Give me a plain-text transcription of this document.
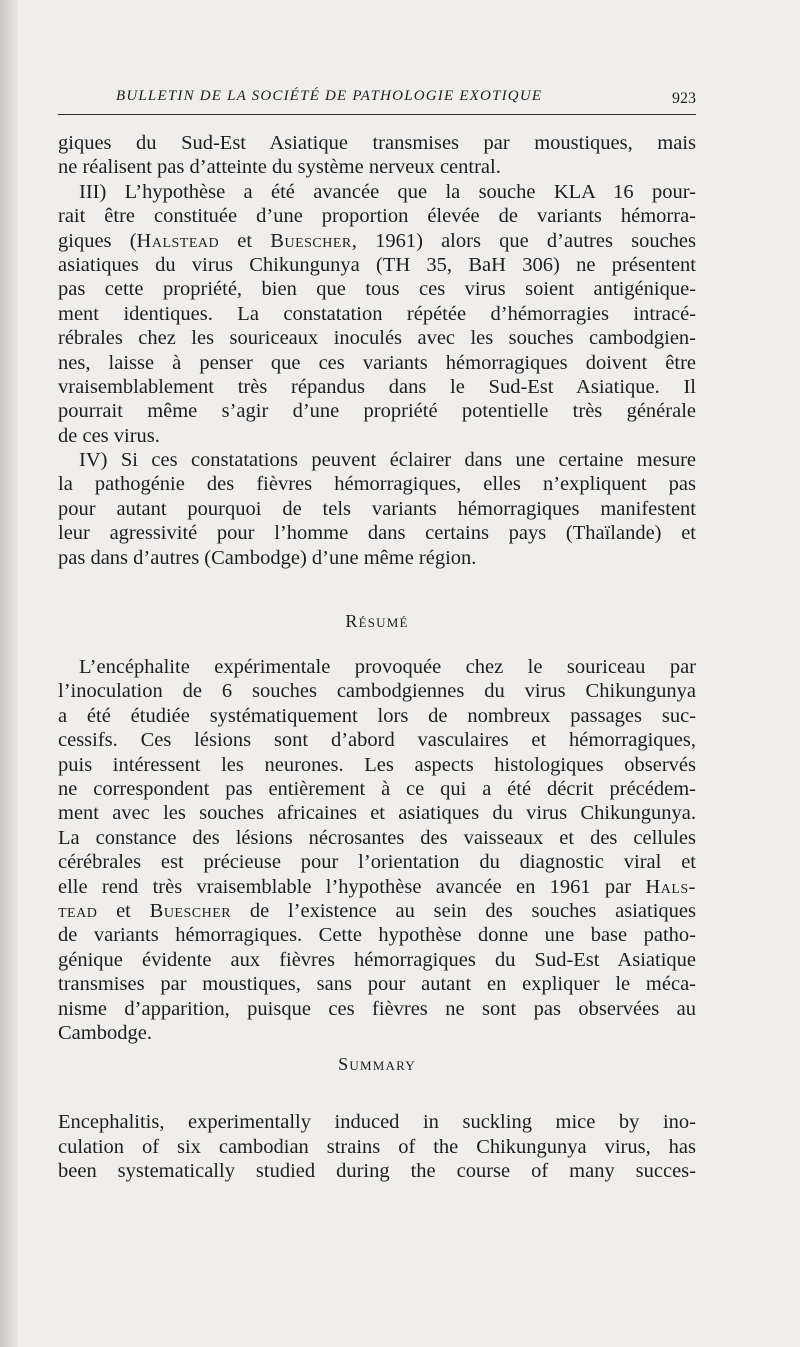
BULLETIN DE LA SOCIÉTÉ DE PATHOLOGIE EXOTIQUE	923
giques du Sud-Est Asiatique transmises par moustiques, mais
ne réalisent pas d’atteinte du système nerveux central.
III) L’hypothèse a été avancée que la souche KLA 16 pour-
rait être constituée d’une proportion élevée de variants hémorra-
giques (Halstead et Buescher, 1961) alors que d’autres souches
asiatiques du virus Chikungunya (TH 35, BaH 306) ne présentent
pas cette propriété, bien que tous ces virus soient antigénique-
ment identiques. La constatation répétée d’hémorragies intracé-
rébrales chez les souriceaux inoculés avec les souches cambodgien-
nes, laisse à penser que ces variants hémorragiques doivent être
vraisemblablement très répandus dans le Sud-Est Asiatique. Il
pourrait même s’agir d’une propriété potentielle très générale
de ces virus.
IV) Si ces constatations peuvent éclairer dans une certaine mesure
la pathogénie des fièvres hémorragiques, elles n’expliquent pas
pour autant pourquoi de tels variants hémorragiques manifestent
leur agressivité pour l’homme dans certains pays (Thaïlande) et
pas dans d’autres (Cambodge) d’une même région.
Résumé
L’encéphalite expérimentale provoquée chez le souriceau par
l’inoculation de 6 souches cambodgiennes du virus Chikungunya
a été étudiée systématiquement lors de nombreux passages suc-
cessifs. Ces lésions sont d’abord vasculaires et hémorragiques,
puis intéressent les neurones. Les aspects histologiques observés
ne correspondent pas entièrement à ce qui a été décrit précédem-
ment avec les souches africaines et asiatiques du virus Chikungunya.
La constance des lésions nécrosantes des vaisseaux et des cellules
cérébrales est précieuse pour l’orientation du diagnostic viral et
elle rend très vraisemblable l’hypothèse avancée en 1961 par Hals-
tead et Buescher de l’existence au sein des souches asiatiques
de variants hémorragiques. Cette hypothèse donne une base patho-
génique évidente aux fièvres hémorragiques du Sud-Est Asiatique
transmises par moustiques, sans pour autant en expliquer le méca-
nisme d’apparition, puisque ces fièvres ne sont pas observées au
Cambodge.
Summary
Encephalitis, experimentally induced in suckling mice by ino-
culation of six cambodian strains of the Chikungunya virus, has
been systematically studied during the course of many succes-
